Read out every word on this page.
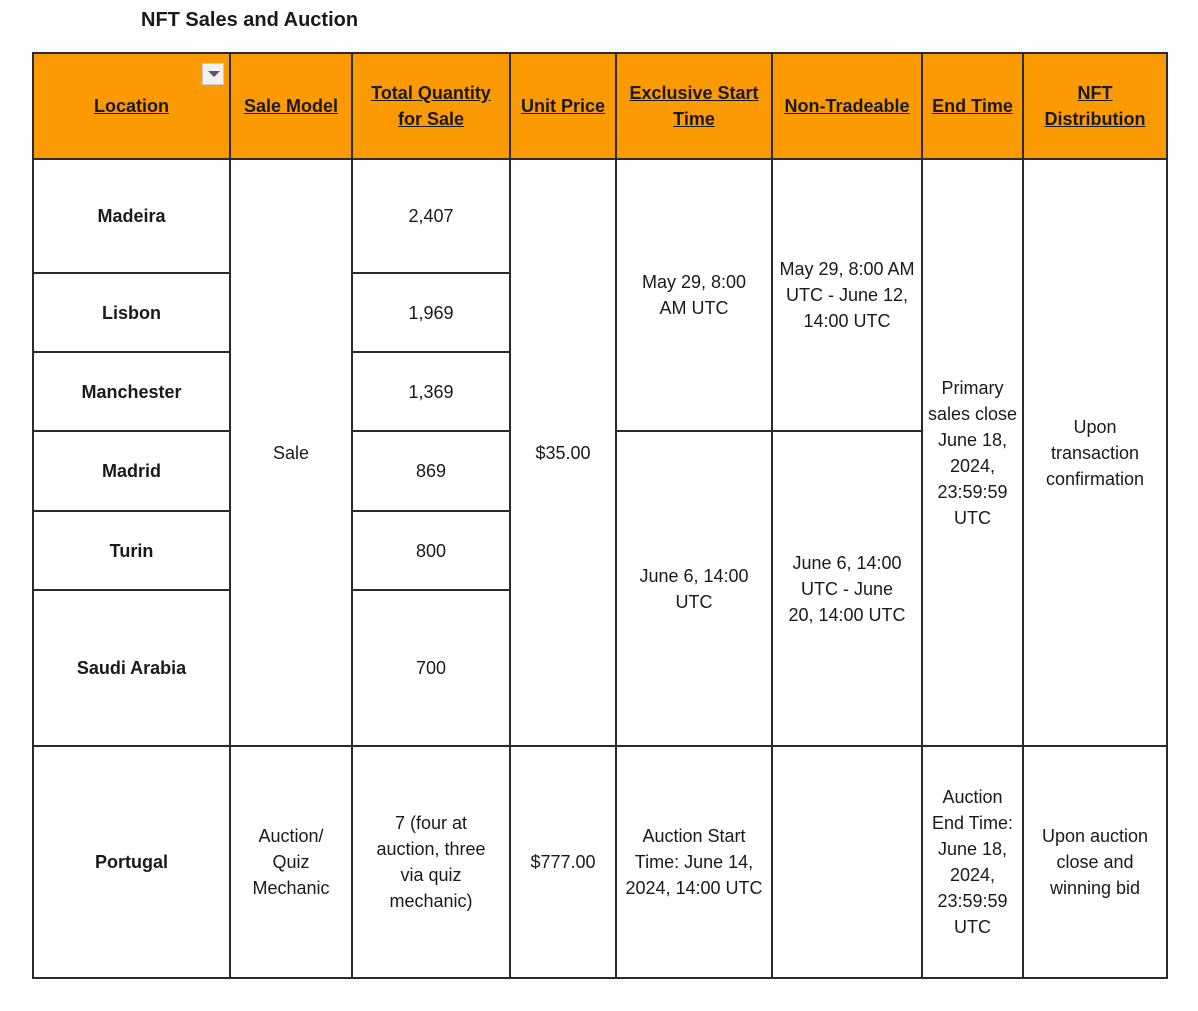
NFT Sales and Auction
Location	Sale Model	Total Quantity for Sale	Unit Price	Exclusive Start Time	Non-Tradeable	End Time	NFT Distribution
Madeira	Sale	2,407	$35.00	May 29, 8:00 AM UTC	May 29, 8:00 AM UTC - June 12, 14:00 UTC	Primary sales close June 18, 2024, 23:59:59 UTC	Upon transaction confirmation
Lisbon		1,969					
Manchester		1,369					
Madrid		869		June 6, 14:00 UTC	June 6, 14:00 UTC - June 20, 14:00 UTC		
Turin		800					
Saudi Arabia		700					
Portugal	Auction/ Quiz Mechanic	7 (four at auction, three via quiz mechanic)	$777.00	Auction Start Time: June 14, 2024, 14:00 UTC		Auction End Time: June 18, 2024, 23:59:59 UTC	Upon auction close and winning bid
